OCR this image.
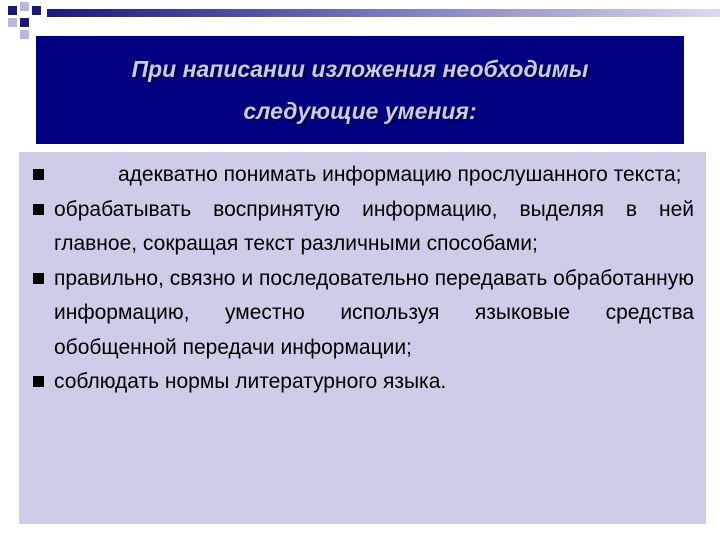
При написании изложения необходимы
следующие умения:
адекватно понимать информацию прослушанного текста;
обрабатывать воспринятую информацию, выделяя в ней главное, сокращая текст различными способами;
правильно, связно и последовательно передавать обработанную информацию, уместно используя языковые средства обобщенной передачи информации;
соблюдать нормы литературного языка.
